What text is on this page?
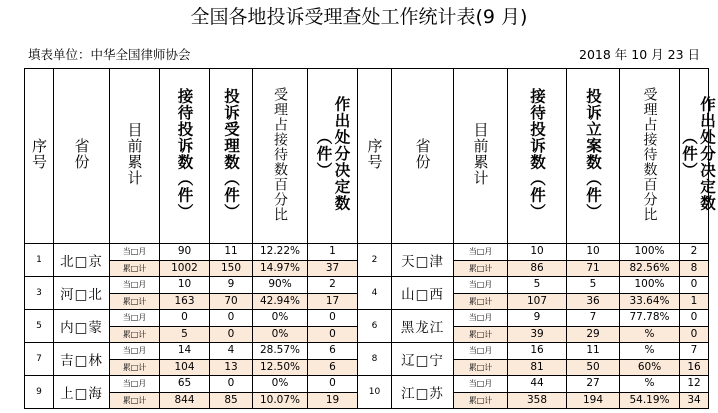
全国各地投诉受理查处工作统计表(9 月)
填表单位：中华全国律师协会	2018 年 10 月 23 日
序号	省份	目前累计	接待投诉数（件）	投诉受理数（件）	受理占接待数百分比	作出处分决定数（件）	序号	省份	目前累计	接待投诉数（件）	投诉立案数（件）	受理占接待数百分比	作出处分决定数（件）
1	北□京	当□月	90	11	12.22%	1	2	天□津	当□月	10	10	100%	2
		累□计	1002	150	14.97%	37			累□计	86	71	82.56%	8
3	河□北	当□月	10	9	90%	2	4	山□西	当□月	5	5	100%	0
		累□计	163	70	42.94%	17			累□计	107	36	33.64%	1
5	内□蒙	当□月	0	0	0%	0	6	黑龙江	当□月	9	7	77.78%	0
		累□计	5	0	0%	0			累□计	39	29	%	0
7	吉□林	当□月	14	4	28.57%	6	8	辽□宁	当□月	16	11	%	7
		累□计	104	13	12.50%	6			累□计	81	50	60%	16
9	上□海	当□月	65	0	0%	0	10	江□苏	当□月	44	27	%	12
		累□计	844	85	10.07%	19			累□计	358	194	54.19%	34
